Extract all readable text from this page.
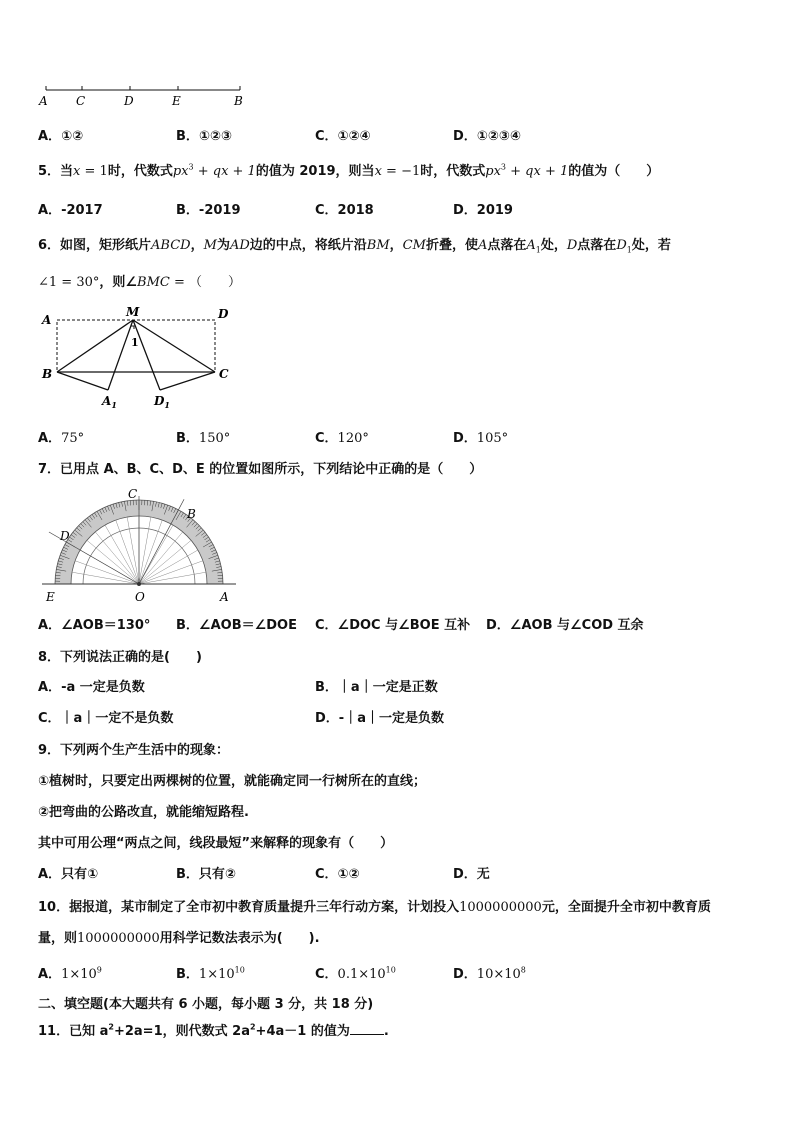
A C	D	E	B
A．①②	B．①②③	C．①②④	D．①②③④
5．当x = 1时，代数式$px^3$ + qx + 1的值为 2019，则当x = −1时，代数式$px^3$ + qx + 1的值为（　　）
A．-2017	B．-2019	C．2018	D．2019
6．如图，矩形纸片ABCD，M为AD边的中点，将纸片沿BM，CM折叠，使A点落在$A_1$处，D点落在$D_1$处，若
∠1 = 30°，则∠BMC = （　　）
A
M	D
B	C
1
$A_1$	$D_1$
A．75°	B．150°	C．120°	D．105°
7．已用点 A、B、C、D、E 的位置如图所示，下列结论中正确的是（　　）
C
B
D
E	O	A
A．∠AOB＝130° B．∠AOB＝∠DOE C．∠DOC 与∠BOE 互补 D．∠AOB 与∠COD 互余
8．下列说法正确的是(　　)
A．-a 一定是负数	B．｜a｜一定是正数
C．｜a｜一定不是负数	D．-｜a｜一定是负数
9．下列两个生产生活中的现象：
①植树时，只要定出两棵树的位置，就能确定同一行树所在的直线；
②把弯曲的公路改直，就能缩短路程.
其中可用公理“两点之间，线段最短”来解释的现象有（　　）
A．只有①	B．只有②	C．①②	D．无
10．据报道，某市制定了全市初中教育质量提升三年行动方案，计划投入1000000000元，全面提升全市初中教育质
量，则1000000000用科学记数法表示为(　　).
A．$1\times 10^9$	B．$1\times 10^{10}$	C．$0.1\times 10^{10}$	D．$10\times 10^8$
二、填空题(本大题共有 6 小题，每小题 3 分，共 18 分)
11．已知 $a^2+2a=1$，则代数式 $2a^2+4a-1$ 的值为	.
